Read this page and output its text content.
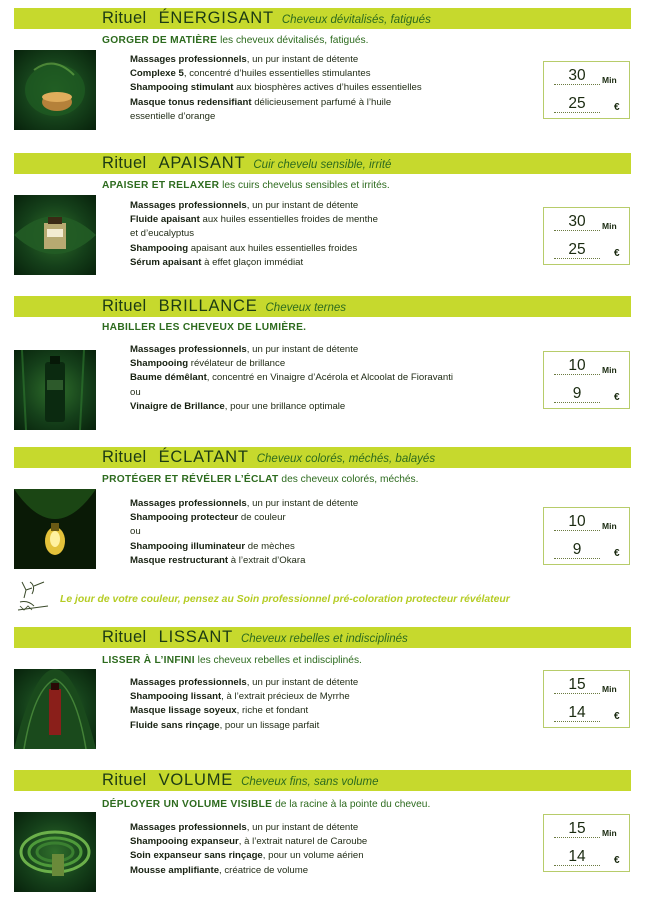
Rituel ÉNERGISANT Cheveux dévitalisés, fatigués
GORGER DE MATIÈRE les cheveux dévitalisés, fatigués.
Massages professionnels, un pur instant de détente
Complexe 5, concentré d’huiles essentielles stimulantes
Shampooing stimulant aux biosphères actives d’huiles essentielles
Masque tonus redensifiant délicieusement parfumé à l’huile
essentielle d’orange
30	Min
25	€
Rituel APAISANT Cuir chevelu sensible, irrité
APAISER ET RELAXER les cuirs chevelus sensibles et irrités.
Massages professionnels, un pur instant de détente
Fluide apaisant aux huiles essentielles froides de menthe
et d’eucalyptus
Shampooing apaisant aux huiles essentielles froides
Sérum apaisant à effet glaçon immédiat
30	Min
25	€
Rituel BRILLANCE Cheveux ternes
HABILLER LES CHEVEUX DE LUMIÈRE.
Massages professionnels, un pur instant de détente
Shampooing révélateur de brillance
Baume démêlant, concentré en Vinaigre d’Acérola et Alcoolat de Fioravanti
ou
Vinaigre de Brillance, pour une brillance optimale
10	Min
9	€
Rituel ÉCLATANT Cheveux colorés, méchés, balayés
PROTÉGER ET RÉVÉLER L’ÉCLAT des cheveux colorés, méchés.
Massages professionnels, un pur instant de détente
Shampooing protecteur de couleur
ou
Shampooing illuminateur de mèches
Masque restructurant à l’extrait d’Okara
10	Min
9	€
Rituel LISSANT Cheveux rebelles et indisciplinés
LISSER À L’INFINI les cheveux rebelles et indisciplinés.
Massages professionnels, un pur instant de détente
Shampooing lissant, à l’extrait précieux de Myrrhe
Masque lissage soyeux, riche et fondant
Fluide sans rinçage, pour un lissage parfait
15	Min
14	€
Rituel VOLUME Cheveux fins, sans volume
DÉPLOYER UN VOLUME VISIBLE de la racine à la pointe du cheveu.
Massages professionnels, un pur instant de détente
Shampooing expanseur, à l’extrait naturel de Caroube
Soin expanseur sans rinçage, pour un volume aérien
Mousse amplifiante, créatrice de volume
15	Min
14	€
Le jour de votre couleur, pensez au Soin professionnel pré-coloration protecteur révélateur
